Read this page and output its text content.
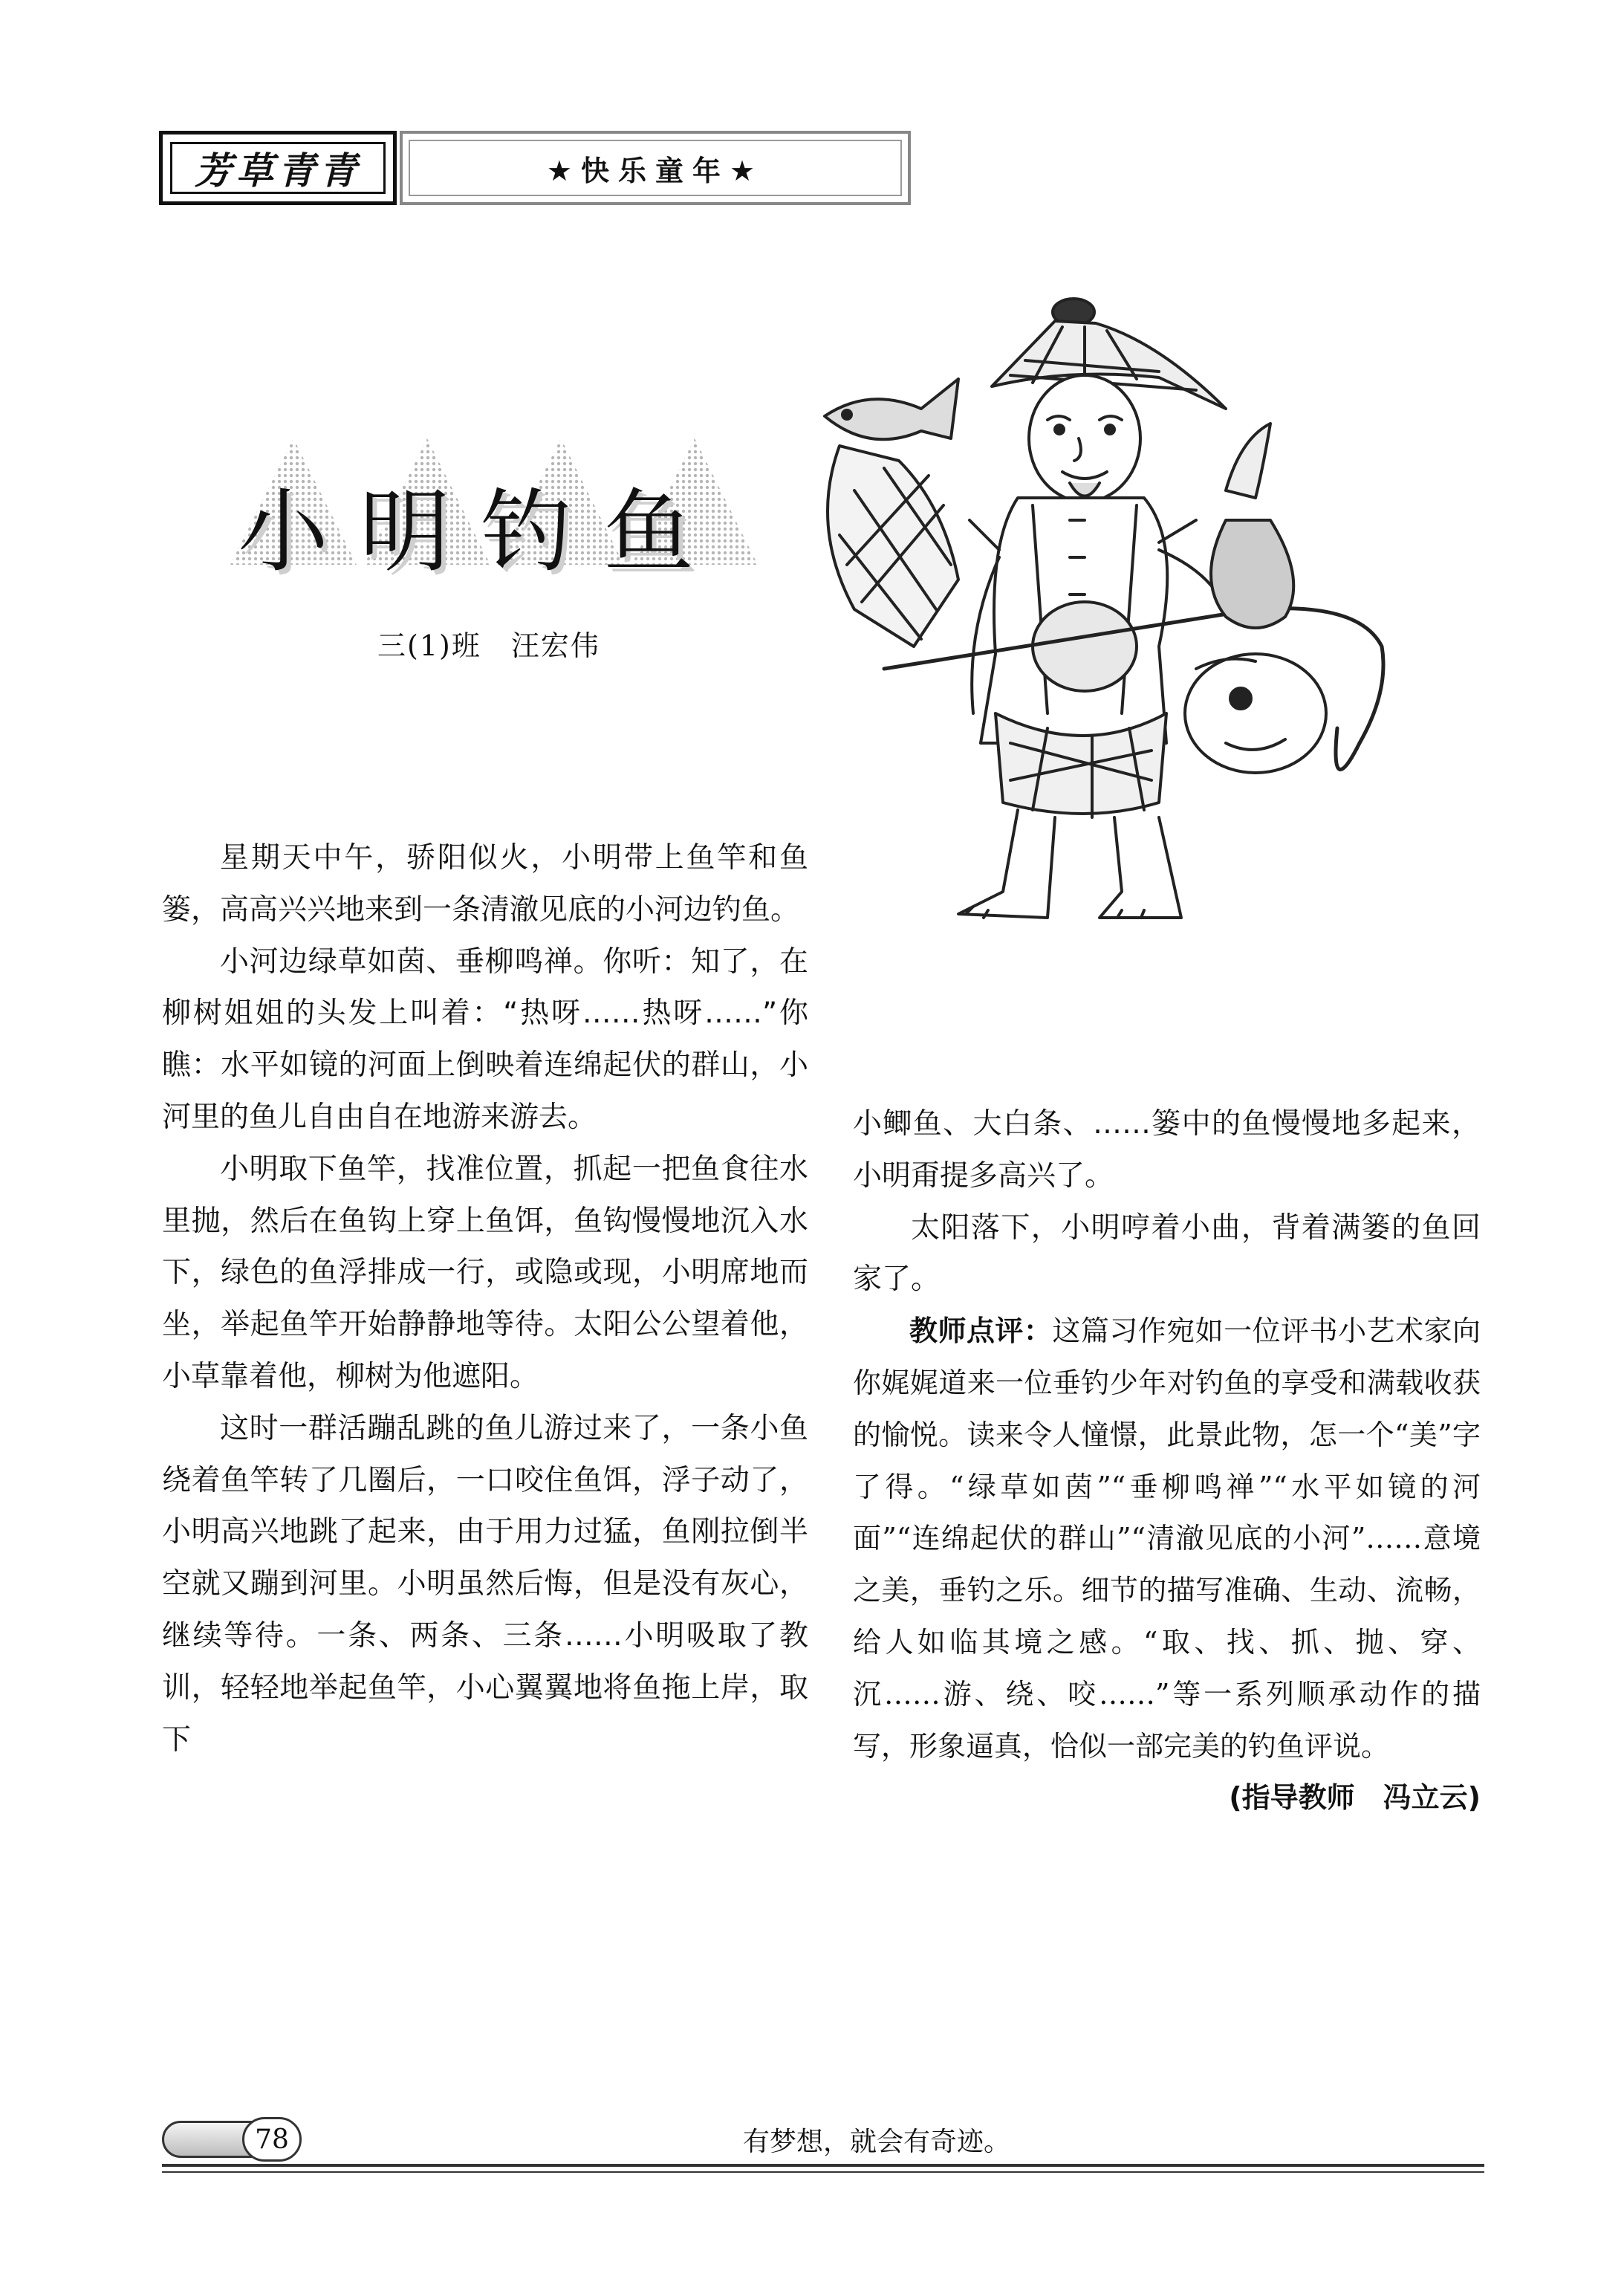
芳草青青	★快乐童年★
小明钓鱼
三(1)班　汪宏伟

星期天中午，骄阳似火，小明带上鱼竿和鱼篓，高高兴兴地来到一条清澈见底的小河边钓鱼。

小河边绿草如茵、垂柳鸣禅。你听：知了，在柳树姐姐的头发上叫着：“热呀……热呀……”你瞧：水平如镜的河面上倒映着连绵起伏的群山，小河里的鱼儿自由自在地游来游去。

小明取下鱼竿，找准位置，抓起一把鱼食往水里抛，然后在鱼钩上穿上鱼饵，鱼钩慢慢地沉入水下，绿色的鱼浮排成一行，或隐或现，小明席地而坐，举起鱼竿开始静静地等待。太阳公公望着他，小草靠着他，柳树为他遮阳。

这时一群活蹦乱跳的鱼儿游过来了，一条小鱼绕着鱼竿转了几圈后，一口咬住鱼饵，浮子动了，小明高兴地跳了起来，由于用力过猛，鱼刚拉倒半空就又蹦到河里。小明虽然后悔，但是没有灰心，继续等待。一条、两条、三条……小明吸取了教训，轻轻地举起鱼竿，小心翼翼地将鱼拖上岸，取下

小鲫鱼、大白条、……篓中的鱼慢慢地多起来，小明甭提多高兴了。

太阳落下，小明哼着小曲，背着满篓的鱼回家了。

教师点评：这篇习作宛如一位评书小艺术家向你娓娓道来一位垂钓少年对钓鱼的享受和满载收获的愉悦。读来令人憧憬，此景此物，怎一个“美”字了得。“绿草如茵”“垂柳鸣禅”“水平如镜的河面”“连绵起伏的群山”“清澈见底的小河”……意境之美，垂钓之乐。细节的描写准确、生动、流畅，给人如临其境之感。“取、找、抓、抛、穿、沉……游、绕、咬……”等一系列顺承动作的描写，形象逼真，恰似一部完美的钓鱼评说。

(指导教师　冯立云)

78	有梦想，就会有奇迹。
